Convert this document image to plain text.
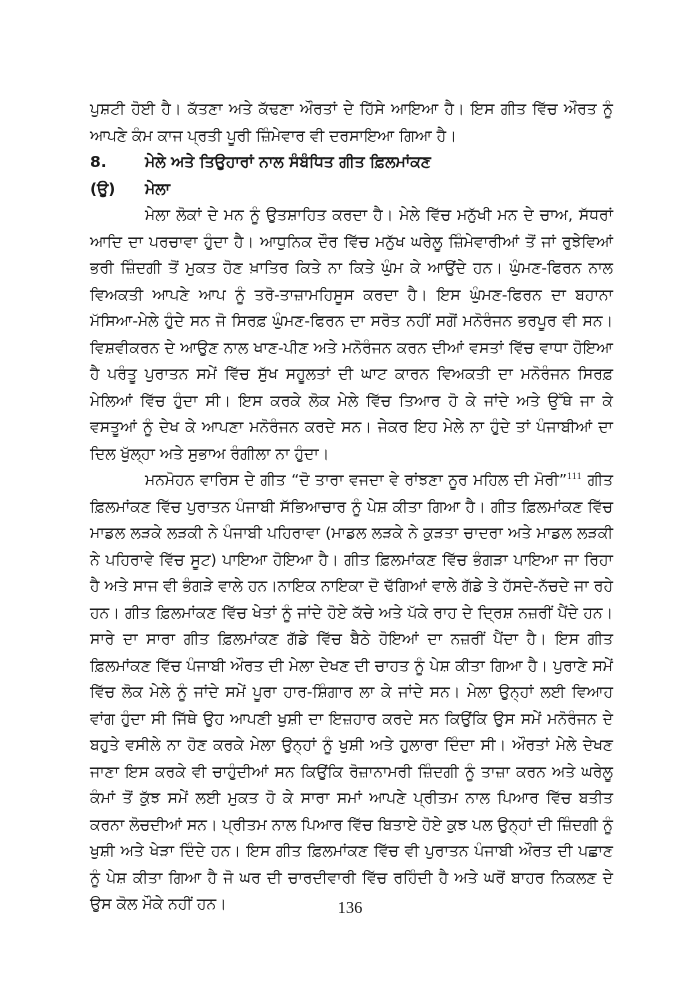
ਪੁਸ਼ਟੀ ਹੋਈ ਹੈ। ਕੱਤਣਾ ਅਤੇ ਕੱਢਣਾ ਔਰਤਾਂ ਦੇ ਹਿੱਸੇ ਆਇਆ ਹੈ। ਇਸ ਗੀਤ ਵਿੱਚ ਔਰਤ ਨੂੰ ਆਪਣੇ ਕੰਮ ਕਾਜ ਪ੍ਰਤੀ ਪੂਰੀ ਜ਼ਿੰਮੇਵਾਰ ਵੀ ਦਰਸਾਇਆ ਗਿਆ ਹੈ।

8.	ਮੇਲੇ ਅਤੇ ਤਿਉਹਾਰਾਂ ਨਾਲ ਸੰਬੰਧਿਤ ਗੀਤ ਫ਼ਿਲਮਾਂਕਣ
(ਉ)	ਮੇਲਾ

ਮੇਲਾ ਲੋਕਾਂ ਦੇ ਮਨ ਨੂੰ ਉਤਸ਼ਾਹਿਤ ਕਰਦਾ ਹੈ। ਮੇਲੇ ਵਿੱਚ ਮਨੁੱਖੀ ਮਨ ਦੇ ਚਾਅ, ਸੱਧਰਾਂ ਆਦਿ ਦਾ ਪਰਚਾਵਾ ਹੁੰਦਾ ਹੈ। ਆਧੁਨਿਕ ਦੌਰ ਵਿੱਚ ਮਨੁੱਖ ਘਰੇਲੂ ਜ਼ਿੰਮੇਵਾਰੀਆਂ ਤੋਂ ਜਾਂ ਰੁਝੇਵਿਆਂ ਭਰੀ ਜ਼ਿੰਦਗੀ ਤੋਂ ਮੁਕਤ ਹੋਣ ਖ਼ਾਤਿਰ ਕਿਤੇ ਨਾ ਕਿਤੇ ਘੁੰਮ ਕੇ ਆਉਂਦੇ ਹਨ। ਘੁੰਮਣ-ਫਿਰਨ ਨਾਲ ਵਿਅਕਤੀ ਆਪਣੇ ਆਪ ਨੂੰ ਤਰੋ-ਤਾਜ਼ਾਮਹਿਸੂਸ ਕਰਦਾ ਹੈ। ਇਸ ਘੁੰਮਣ-ਫਿਰਨ ਦਾ ਬਹਾਨਾ ਮੱਸਿਆ-ਮੇਲੇ ਹੁੰਦੇ ਸਨ ਜੋ ਸਿਰਫ਼ ਘੁੰਮਣ-ਫਿਰਨ ਦਾ ਸਰੋਤ ਨਹੀਂ ਸਗੋਂ ਮਨੋਰੰਜਨ ਭਰਪੂਰ ਵੀ ਸਨ। ਵਿਸ਼ਵੀਕਰਨ ਦੇ ਆਉਣ ਨਾਲ ਖਾਣ-ਪੀਣ ਅਤੇ ਮਨੋਰੰਜਨ ਕਰਨ ਦੀਆਂ ਵਸਤਾਂ ਵਿੱਚ ਵਾਧਾ ਹੋਇਆ ਹੈ ਪਰੰਤੂ ਪੁਰਾਤਨ ਸਮੇਂ ਵਿੱਚ ਸੁੱਖ ਸਹੂਲਤਾਂ ਦੀ ਘਾਟ ਕਾਰਨ ਵਿਅਕਤੀ ਦਾ ਮਨੋਰੰਜਨ ਸਿਰਫ਼ ਮੇਲਿਆਂ ਵਿੱਚ ਹੁੰਦਾ ਸੀ। ਇਸ ਕਰਕੇ ਲੋਕ ਮੇਲੇ ਵਿੱਚ ਤਿਆਰ ਹੋ ਕੇ ਜਾਂਦੇ ਅਤੇ ਉੱਥੇ ਜਾ ਕੇ ਵਸਤੂਆਂ ਨੂੰ ਦੇਖ ਕੇ ਆਪਣਾ ਮਨੋਰੰਜਨ ਕਰਦੇ ਸਨ। ਜੇਕਰ ਇਹ ਮੇਲੇ ਨਾ ਹੁੰਦੇ ਤਾਂ ਪੰਜਾਬੀਆਂ ਦਾ ਦਿਲ ਖੁੱਲ੍ਹਾ ਅਤੇ ਸੁਭਾਅ ਰੰਗੀਲਾ ਨਾ ਹੁੰਦਾ।

ਮਨਮੋਹਨ ਵਾਰਿਸ ਦੇ ਗੀਤ “ਦੋ ਤਾਰਾ ਵਜਦਾ ਵੇ ਰਾਂਝਣਾ ਨੂਰ ਮਹਿਲ ਦੀ ਮੋਰੀ”$^{111}$ ਗੀਤ ਫ਼ਿਲਮਾਂਕਣ ਵਿੱਚ ਪੁਰਾਤਨ ਪੰਜਾਬੀ ਸੱਭਿਆਚਾਰ ਨੂੰ ਪੇਸ਼ ਕੀਤਾ ਗਿਆ ਹੈ। ਗੀਤ ਫ਼ਿਲਮਾਂਕਣ ਵਿੱਚ ਮਾਡਲ ਲੜਕੇ ਲੜਕੀ ਨੇ ਪੰਜਾਬੀ ਪਹਿਰਾਵਾ (ਮਾਡਲ ਲੜਕੇ ਨੇ ਕੁੜਤਾ ਚਾਦਰਾ ਅਤੇ ਮਾਡਲ ਲੜਕੀ ਨੇ ਪਹਿਰਾਵੇ ਵਿੱਚ ਸੂਟ) ਪਾਇਆ ਹੋਇਆ ਹੈ। ਗੀਤ ਫ਼ਿਲਮਾਂਕਣ ਵਿੱਚ ਭੰਗੜਾ ਪਾਇਆ ਜਾ ਰਿਹਾ ਹੈ ਅਤੇ ਸਾਜ ਵੀ ਭੰਗੜੇ ਵਾਲੇ ਹਨ।ਨਾਇਕ ਨਾਇਕਾ ਦੋ ਢੱਗਿਆਂ ਵਾਲੇ ਗੱਡੇ ਤੇ ਹੱਸਦੇ-ਨੱਚਦੇ ਜਾ ਰਹੇ ਹਨ। ਗੀਤ ਫ਼ਿਲਮਾਂਕਣ ਵਿੱਚ ਖੇਤਾਂ ਨੂੰ ਜਾਂਦੇ ਹੋਏ ਕੱਚੇ ਅਤੇ ਪੱਕੇ ਰਾਹ ਦੇ ਦ੍ਰਿਸ਼ ਨਜ਼ਰੀਂ ਪੈਂਦੇ ਹਨ। ਸਾਰੇ ਦਾ ਸਾਰਾ ਗੀਤ ਫ਼ਿਲਮਾਂਕਣ ਗੱਡੇ ਵਿੱਚ ਬੈਠੇ ਹੋਇਆਂ ਦਾ ਨਜ਼ਰੀਂ ਪੈਂਦਾ ਹੈ। ਇਸ ਗੀਤ ਫ਼ਿਲਮਾਂਕਣ ਵਿੱਚ ਪੰਜਾਬੀ ਔਰਤ ਦੀ ਮੇਲਾ ਦੇਖਣ ਦੀ ਚਾਹਤ ਨੂੰ ਪੇਸ਼ ਕੀਤਾ ਗਿਆ ਹੈ। ਪੁਰਾਣੇ ਸਮੇਂ ਵਿੱਚ ਲੋਕ ਮੇਲੇ ਨੂੰ ਜਾਂਦੇ ਸਮੇਂ ਪੂਰਾ ਹਾਰ-ਸ਼ਿੰਗਾਰ ਲਾ ਕੇ ਜਾਂਦੇ ਸਨ। ਮੇਲਾ ਉਨ੍ਹਾਂ ਲਈ ਵਿਆਹ ਵਾਂਗ ਹੁੰਦਾ ਸੀ ਜਿੱਥੇ ਉਹ ਆਪਣੀ ਖੁਸ਼ੀ ਦਾ ਇਜ਼ਹਾਰ ਕਰਦੇ ਸਨ ਕਿਉਂਕਿ ਉਸ ਸਮੇਂ ਮਨੋਰੰਜਨ ਦੇ ਬਹੁਤੇ ਵਸੀਲੇ ਨਾ ਹੋਣ ਕਰਕੇ ਮੇਲਾ ਉਨ੍ਹਾਂ ਨੂੰ ਖੁਸ਼ੀ ਅਤੇ ਹੁਲਾਰਾ ਦਿੰਦਾ ਸੀ। ਔਰਤਾਂ ਮੇਲੇ ਦੇਖਣ ਜਾਣਾ ਇਸ ਕਰਕੇ ਵੀ ਚਾਹੁੰਦੀਆਂ ਸਨ ਕਿਉਂਕਿ ਰੋਜ਼ਾਨਾਮਰੀ ਜ਼ਿੰਦਗੀ ਨੂੰ ਤਾਜ਼ਾ ਕਰਨ ਅਤੇ ਘਰੇਲੂ ਕੰਮਾਂ ਤੋਂ ਕੁੱਝ ਸਮੇਂ ਲਈ ਮੁਕਤ ਹੋ ਕੇ ਸਾਰਾ ਸਮਾਂ ਆਪਣੇ ਪ੍ਰੀਤਮ ਨਾਲ ਪਿਆਰ ਵਿੱਚ ਬਤੀਤ ਕਰਨਾ ਲੋਚਦੀਆਂ ਸਨ। ਪ੍ਰੀਤਮ ਨਾਲ ਪਿਆਰ ਵਿੱਚ ਬਿਤਾਏ ਹੋਏ ਕੁਝ ਪਲ ਉਨ੍ਹਾਂ ਦੀ ਜ਼ਿੰਦਗੀ ਨੂੰ ਖੁਸ਼ੀ ਅਤੇ ਖੇੜਾ ਦਿੰਦੇ ਹਨ। ਇਸ ਗੀਤ ਫ਼ਿਲਮਾਂਕਣ ਵਿੱਚ ਵੀ ਪੁਰਾਤਨ ਪੰਜਾਬੀ ਔਰਤ ਦੀ ਪਛਾਣ ਨੂੰ ਪੇਸ਼ ਕੀਤਾ ਗਿਆ ਹੈ ਜੋ ਘਰ ਦੀ ਚਾਰਦੀਵਾਰੀ ਵਿੱਚ ਰਹਿੰਦੀ ਹੈ ਅਤੇ ਘਰੋਂ ਬਾਹਰ ਨਿਕਲਣ ਦੇ ਉਸ ਕੋਲ ਮੌਕੇ ਨਹੀਂ ਹਨ।	136
